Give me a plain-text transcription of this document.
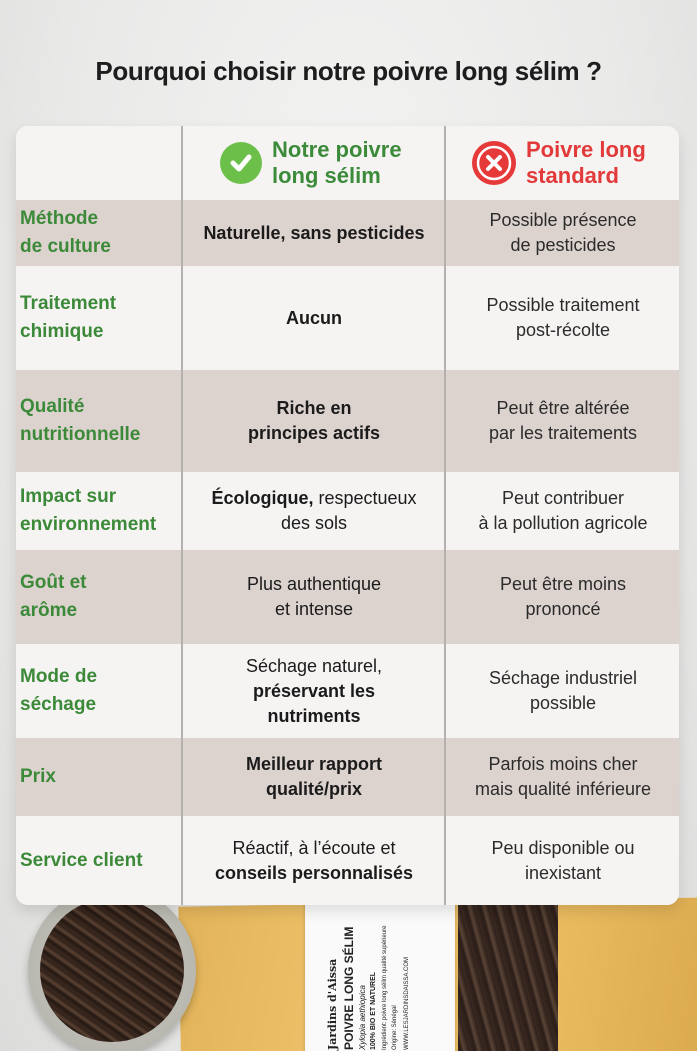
Pourquoi choisir notre poivre long sélim ?
Jardins d'Aissa POIVRE LONG SÉLIM Xylopia aethiopica 100% BIO ET NATUREL Ingrédient: poivre long sélim qualité supérieure Origine: Sénégal WWW.LESJARDINSDAISSA.COM
Notre poivre
long sélim
Poivre long
standard
Méthode
de culture
Naturelle, sans pesticides
Possible présence
de pesticides
Traitement
chimique
Aucun
Possible traitement
post-récolte
Qualité
nutritionnelle
Riche en
principes actifs
Peut être altérée
par les traitements
Impact sur
environnement
Écologique, respectueux
des sols
Peut contribuer
à la pollution agricole
Goût et
arôme
Plus authentique
et intense
Peut être moins
prononcé
Mode de
séchage
Séchage naturel,
préservant les
nutriments
Séchage industriel
possible
Prix
Meilleur rapport
qualité/prix
Parfois moins cher
mais qualité inférieure
Service client
Réactif, à l’écoute et
conseils personnalisés
Peu disponible ou
inexistant
